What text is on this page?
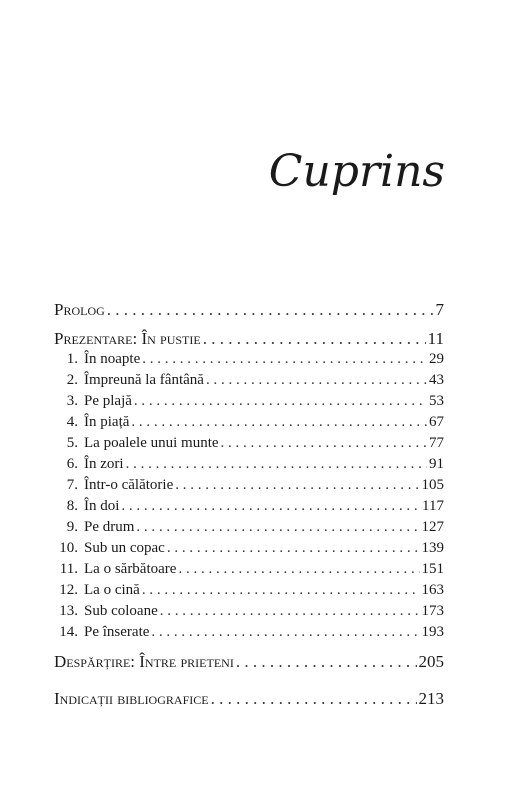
Cuprins
Prolog . . .	7
Prezentare: În pustie . . .	11
1. În noapte . . .	29
2. Împreună la fântână . . .	43
3. Pe plajă . . .	53
4. În piață . . .	67
5. La poalele unui munte . . .	77
6. În zori . . .	91
7. Într-o călătorie . . .	105
8. În doi . . .	117
9. Pe drum . . .	127
10. Sub un copac . . .	139
11. La o sărbătoare . . .	151
12. La o cină . . .	163
13. Sub coloane . . .	173
14. Pe înserate . . .	193
Despărțire: Între prieteni . . .	205
Indicații bibliografice . . .	213
